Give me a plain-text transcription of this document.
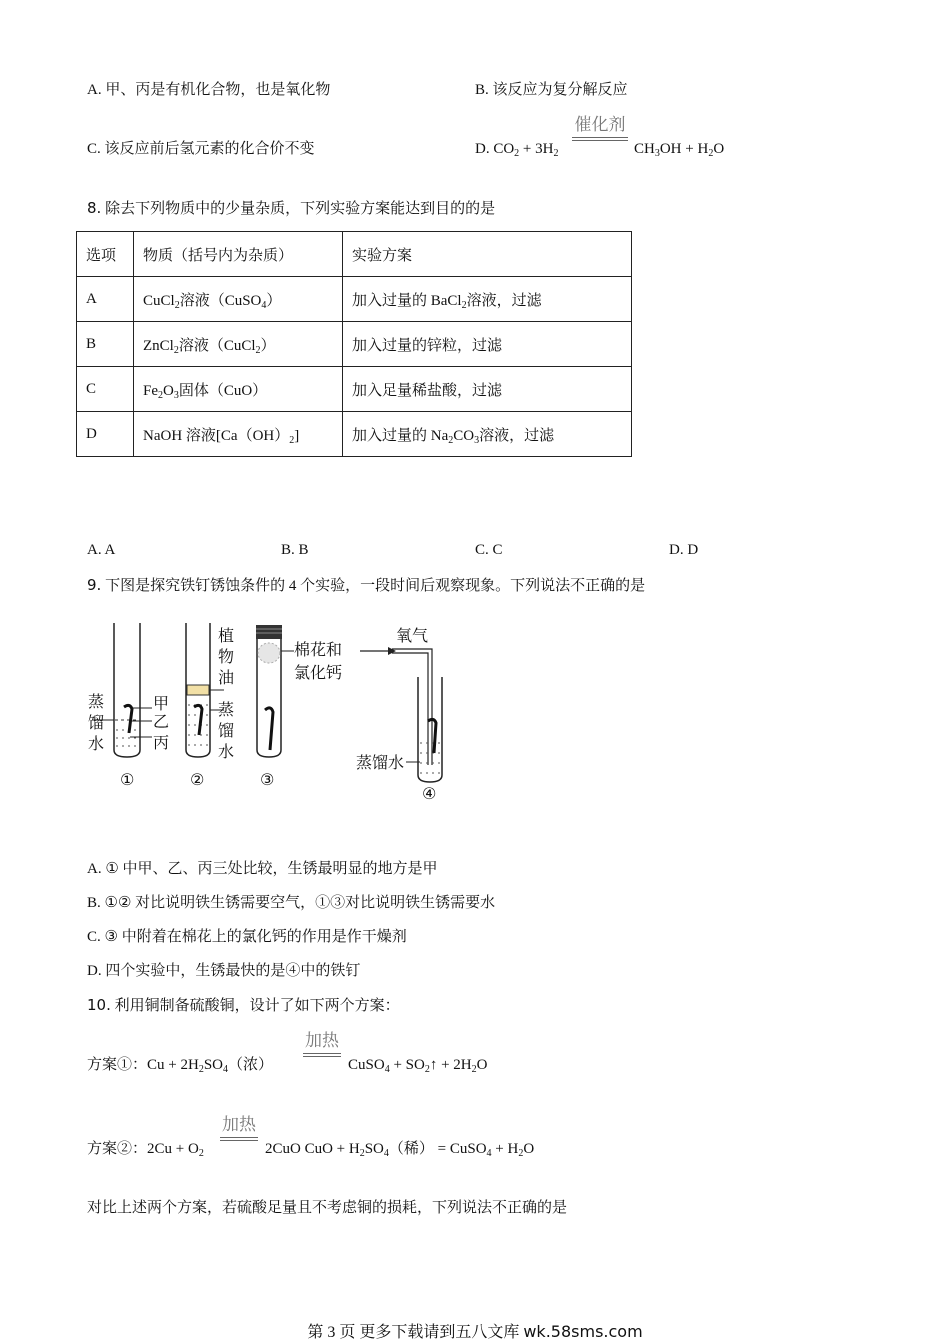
A. 甲、丙是有机化合物，也是氧化物	B. 该反应为复分解反应
C. 该反应前后氢元素的化合价不变	D. $CO_2 + 3H_2$
催化剂
$CH_3OH + H_2O$
8. 除去下列物质中的少量杂质，下列实验方案能达到目的的是
选项	物质（括号内为杂质）	实验方案
A	CuCl$_2$溶液（CuSO$_4$）	加入过量的 BaCl$_2$溶液，过滤
B	ZnCl$_2$溶液（CuCl$_2$）	加入过量的锌粒，过滤
C	$Fe_2O_3$固体（CuO）	加入足量稀盐酸，过滤
D	NaOH 溶液$[Ca(OH)_2]$	加入过量的 $Na_2CO_3$溶液，过滤
A. A	B. B	C. C	D. D
9. 下图是探究铁钉锈蚀条件的 4 个实验，一段时间后观察现象。下列说法不正确的是
蒸
馏
水
甲
乙
丙
①
植
物
油
蒸
馏
水
②
棉花和
氯化钙
③
氧气
蒸馏水
④
A. ① 中甲、乙、丙三处比较，生锈最明显的地方是甲
B. ①② 对比说明铁生锈需要空气，①③对比说明铁生锈需要水
C. ③ 中附着在棉花上的氯化钙的作用是作干燥剂
D. 四个实验中，生锈最快的是④中的铁钉
10. 利用铜制备硫酸铜，设计了如下两个方案：
方案①：$Cu + 2H_2SO_4$（浓）
加热
CuSO$_4$ + $SO_2↑ + 2H_2O$
方案②：$2Cu + O_2$
加热
2CuO CuO + $H_2SO_4$（稀） = CuSO$_4$ + $H_2O$
对比上述两个方案，若硫酸足量且不考虑铜的损耗，下列说法不正确的是
第 3 页 更多下载请到五八文库 wk.58sms.com
